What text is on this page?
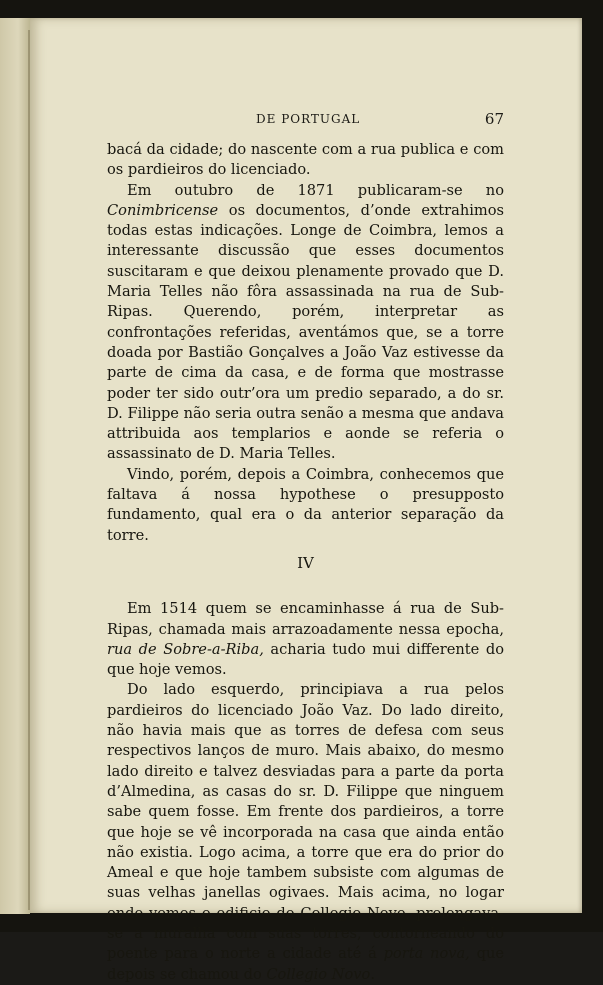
DE PORTUGAL	67

bacá da cidade; do nascente com a rua publica e com os pardieiros do licenciado.

Em outubro de 1871 publicaram-se no Conimbricense os documentos, d’onde extrahimos todas estas indicações. Longe de Coimbra, lemos a interessante discussão que esses documentos suscitaram e que deixou plenamente provado que D. Maria Telles não fôra assassinada na rua de Sub-Ripas. Querendo, porém, interpretar as confrontações referidas, aventámos que, se a torre doada por Bastião Gonçalves a João Vaz estivesse da parte de cima da casa, e de forma que mostrasse poder ter sido outr’ora um predio separado, a do sr. D. Filippe não seria outra senão a mesma que andava attribuida aos templarios e aonde se referia o assassinato de D. Maria Telles.

Vindo, porém, depois a Coimbra, conhecemos que faltava á nossa hypothese o presupposto fundamento, qual era o da anterior separação da torre.

IV

Em 1514 quem se encaminhasse á rua de Sub-Ripas, chamada mais arrazoadamente nessa epocha, rua de Sobre-a-Riba, acharia tudo mui differente do que hoje vemos.

Do lado esquerdo, principiava a rua pelos pardieiros do licenciado João Vaz. Do lado direito, não havia mais que as torres de defesa com seus respectivos lanços de muro. Mais abaixo, do mesmo lado direito e talvez desviadas para a parte da porta d’Almedina, as casas do sr. D. Filippe que ninguem sabe quem fosse. Em frente dos pardieiros, a torre que hoje se vê incorporada na casa que ainda então não existia. Logo acima, a torre que era do prior do Ameal e que hoje tambem subsiste com algumas de suas velhas janellas ogivaes. Mais acima, no logar onde vemos o edificio do Collegio Novo, prolongava-se a muralha com suas torres, contorneando do poente para o norte a cidade até á porta nova, que depois se chamou do Collegio Novo.
